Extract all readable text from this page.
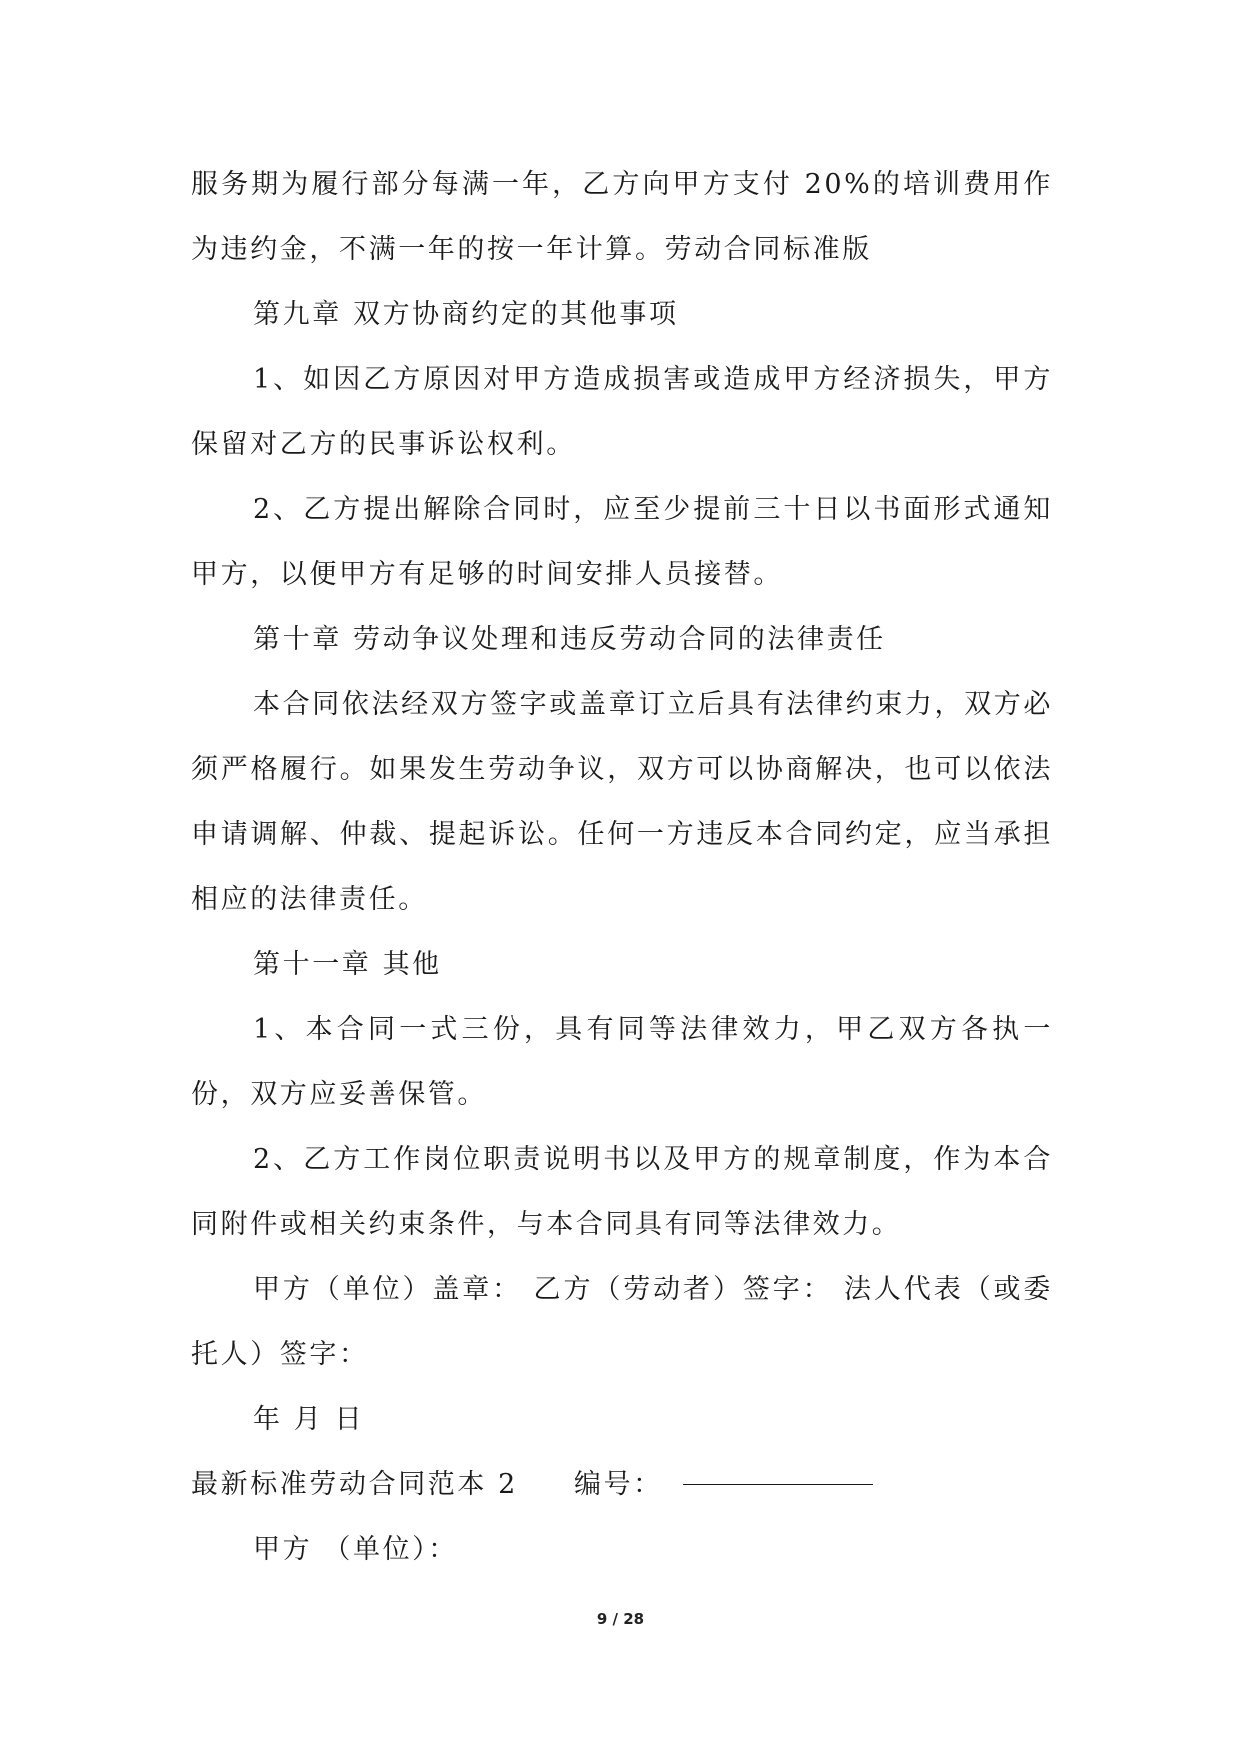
服务期为履行部分每满一年，乙方向甲方支付 20%的培训费用作为违约金，不满一年的按一年计算。劳动合同标准版

第九章 双方协商约定的其他事项

1、如因乙方原因对甲方造成损害或造成甲方经济损失，甲方保留对乙方的民事诉讼权利。

2、乙方提出解除合同时，应至少提前三十日以书面形式通知甲方，以便甲方有足够的时间安排人员接替。

第十章 劳动争议处理和违反劳动合同的法律责任

本合同依法经双方签字或盖章订立后具有法律约束力，双方必须严格履行。如果发生劳动争议，双方可以协商解决，也可以依法申请调解、仲裁、提起诉讼。任何一方违反本合同约定，应当承担相应的法律责任。

第十一章 其他

1、本合同一式三份，具有同等法律效力，甲乙双方各执一份，双方应妥善保管。

2、乙方工作岗位职责说明书以及甲方的规章制度，作为本合同附件或相关约束条件，与本合同具有同等法律效力。

甲方（单位）盖章： 乙方（劳动者）签字： 法人代表（或委托人）签字：

年 月 日

最新标准劳动合同范本 2 编号：

甲方 （单位）：

9 / 28
